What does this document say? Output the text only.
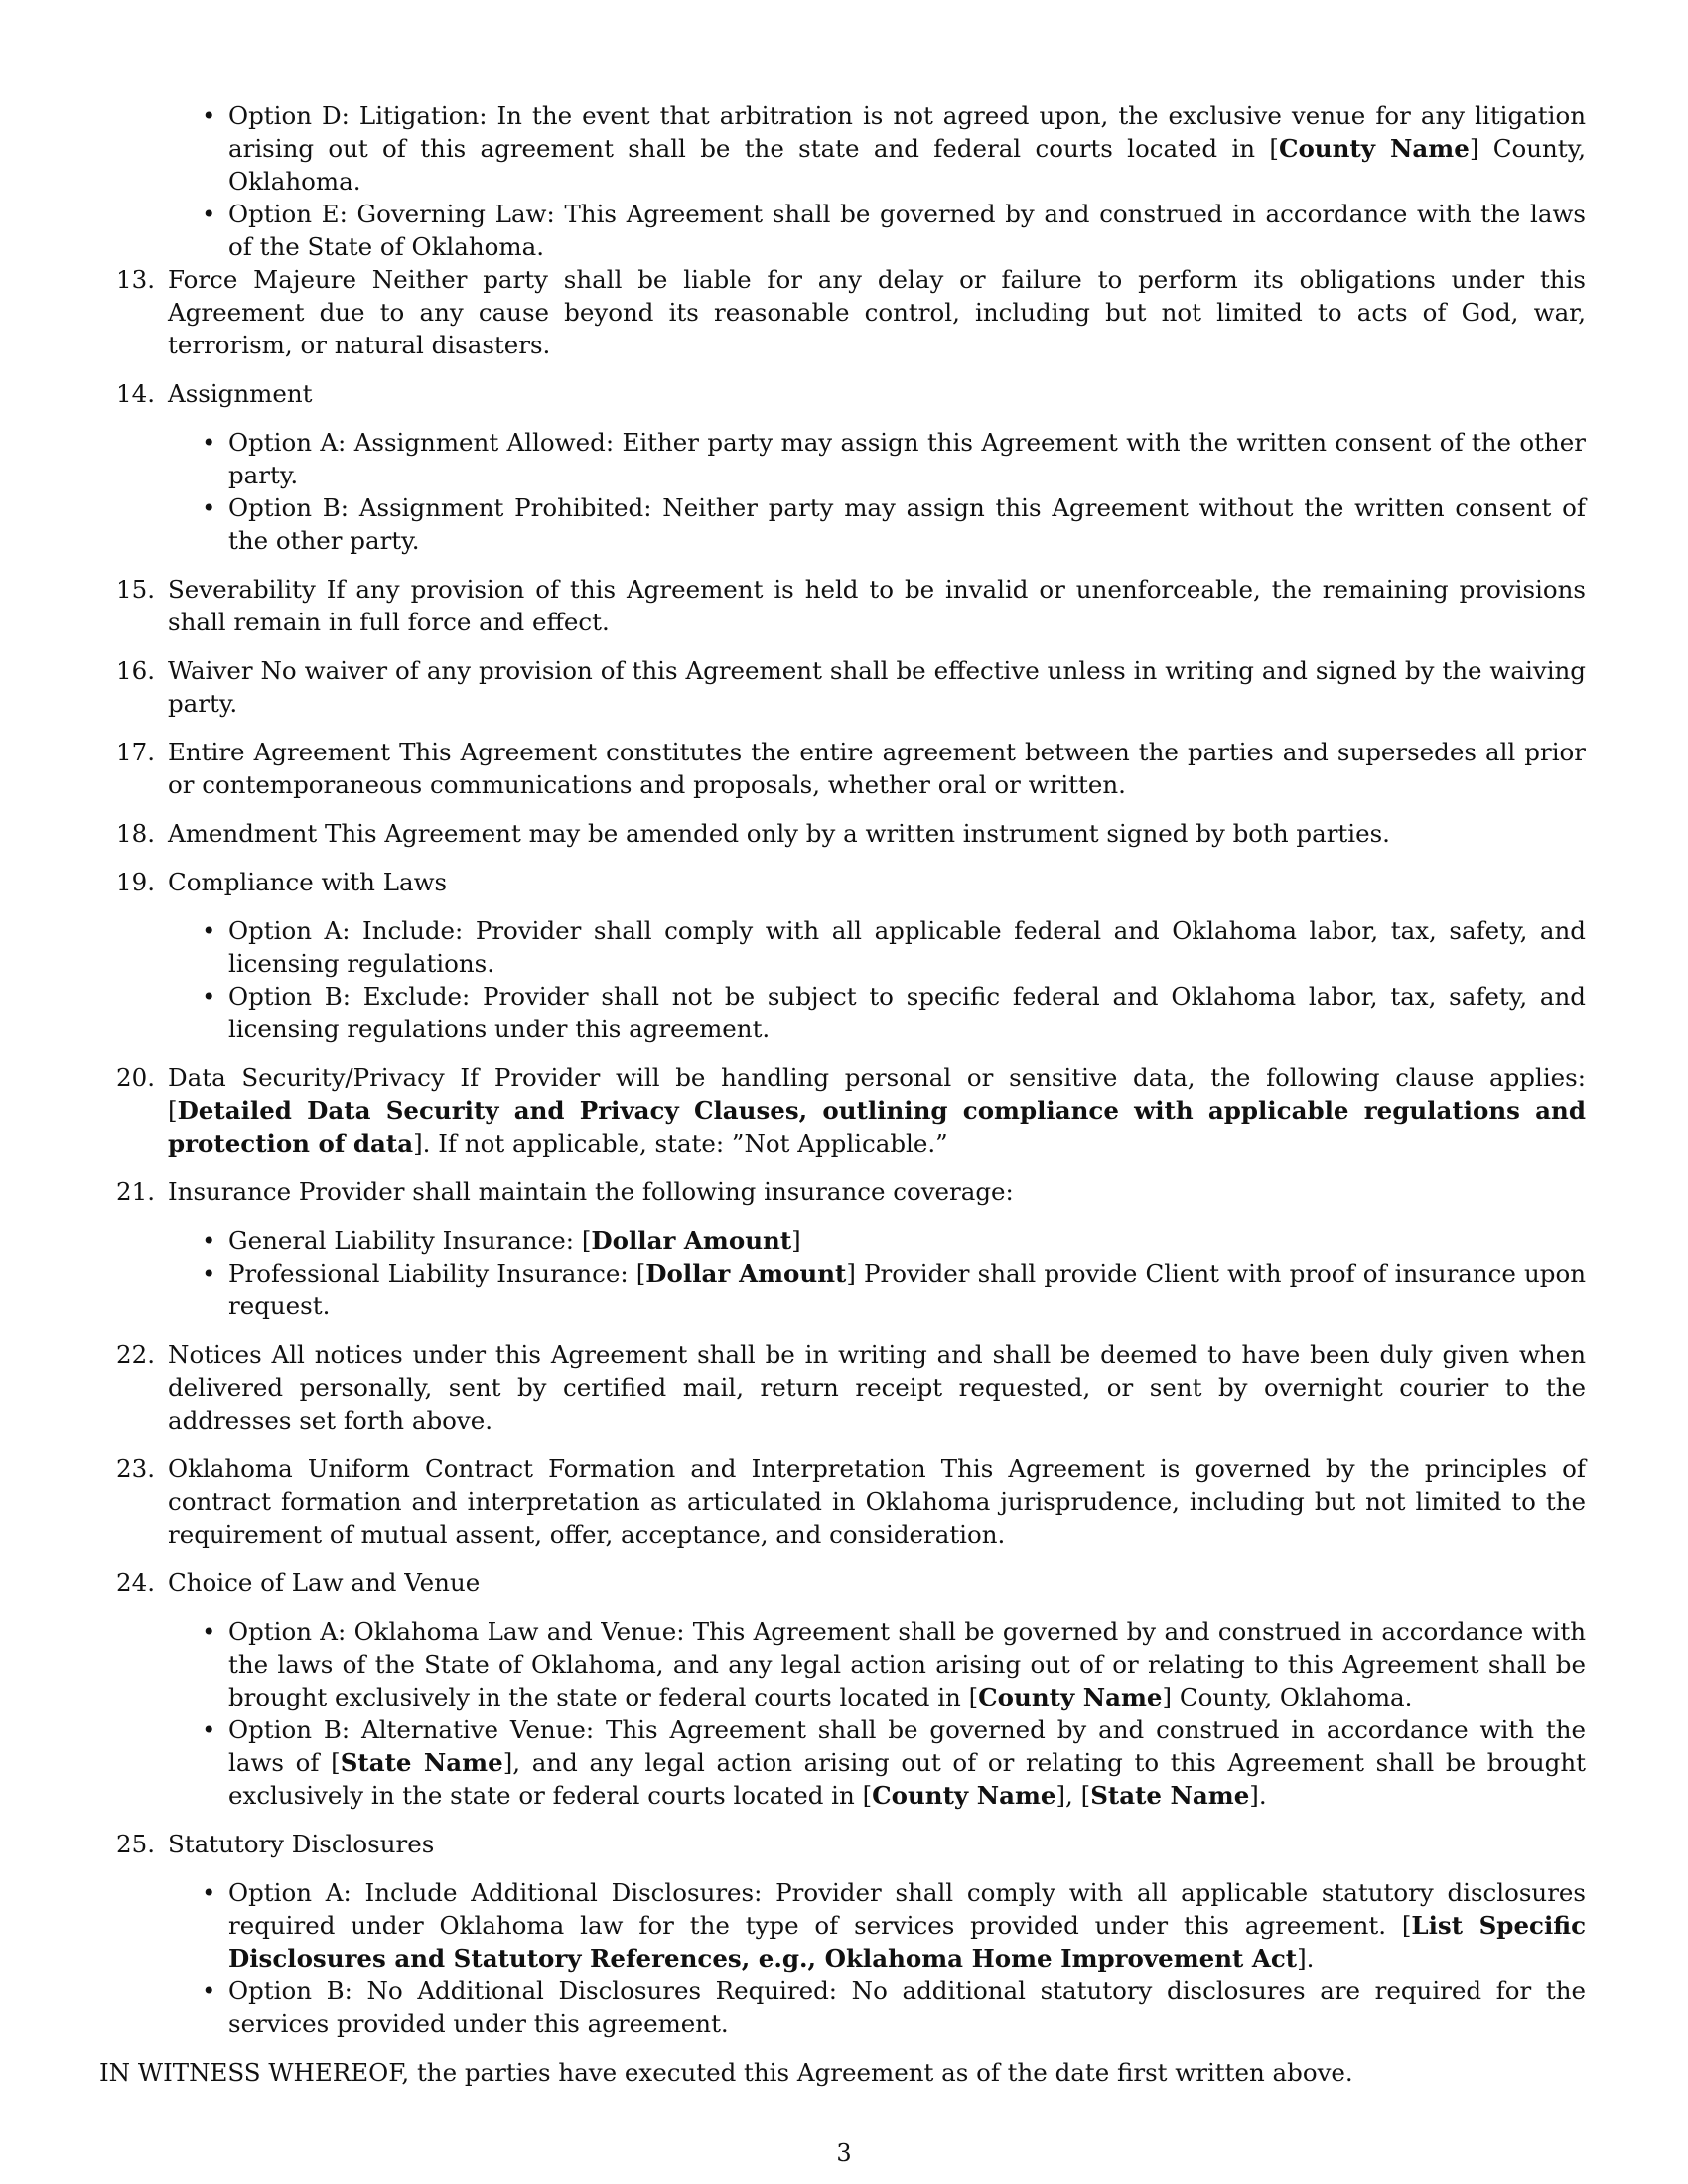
• Option D: Litigation: In the event that arbitration is not agreed upon, the exclusive venue for any litigation arising out of this agreement shall be the state and federal courts located in [County Name] County, Oklahoma.
• Option E: Governing Law: This Agreement shall be governed by and construed in accordance with the laws of the State of Oklahoma.
13. Force Majeure Neither party shall be liable for any delay or failure to perform its obligations under this Agreement due to any cause beyond its reasonable control, including but not limited to acts of God, war, terrorism, or natural disasters.
14. Assignment
• Option A: Assignment Allowed: Either party may assign this Agreement with the written consent of the other party.
• Option B: Assignment Prohibited: Neither party may assign this Agreement without the written consent of the other party.
15. Severability If any provision of this Agreement is held to be invalid or unenforceable, the remaining provisions shall remain in full force and effect.
16. Waiver No waiver of any provision of this Agreement shall be effective unless in writing and signed by the waiving party.
17. Entire Agreement This Agreement constitutes the entire agreement between the parties and supersedes all prior or contemporaneous communications and proposals, whether oral or written.
18. Amendment This Agreement may be amended only by a written instrument signed by both parties.
19. Compliance with Laws
• Option A: Include: Provider shall comply with all applicable federal and Oklahoma labor, tax, safety, and licensing regulations.
• Option B: Exclude: Provider shall not be subject to specific federal and Oklahoma labor, tax, safety, and licensing regulations under this agreement.
20. Data Security/Privacy If Provider will be handling personal or sensitive data, the following clause applies: [Detailed Data Security and Privacy Clauses, outlining compliance with applicable regulations and protection of data]. If not applicable, state: ”Not Applicable.”
21. Insurance Provider shall maintain the following insurance coverage:
• General Liability Insurance: [Dollar Amount]
• Professional Liability Insurance: [Dollar Amount] Provider shall provide Client with proof of insurance upon request.
22. Notices All notices under this Agreement shall be in writing and shall be deemed to have been duly given when delivered personally, sent by certified mail, return receipt requested, or sent by overnight courier to the addresses set forth above.
23. Oklahoma Uniform Contract Formation and Interpretation This Agreement is governed by the principles of contract formation and interpretation as articulated in Oklahoma jurisprudence, including but not limited to the requirement of mutual assent, offer, acceptance, and consideration.
24. Choice of Law and Venue
• Option A: Oklahoma Law and Venue: This Agreement shall be governed by and construed in accordance with the laws of the State of Oklahoma, and any legal action arising out of or relating to this Agreement shall be brought exclusively in the state or federal courts located in [County Name] County, Oklahoma.
• Option B: Alternative Venue: This Agreement shall be governed by and construed in accordance with the laws of [State Name], and any legal action arising out of or relating to this Agreement shall be brought exclusively in the state or federal courts located in [County Name], [State Name].
25. Statutory Disclosures
• Option A: Include Additional Disclosures: Provider shall comply with all applicable statutory disclosures required under Oklahoma law for the type of services provided under this agreement. [List Specific Disclosures and Statutory References, e.g., Oklahoma Home Improvement Act].
• Option B: No Additional Disclosures Required: No additional statutory disclosures are required for the services provided under this agreement.
IN WITNESS WHEREOF, the parties have executed this Agreement as of the date first written above.
3
